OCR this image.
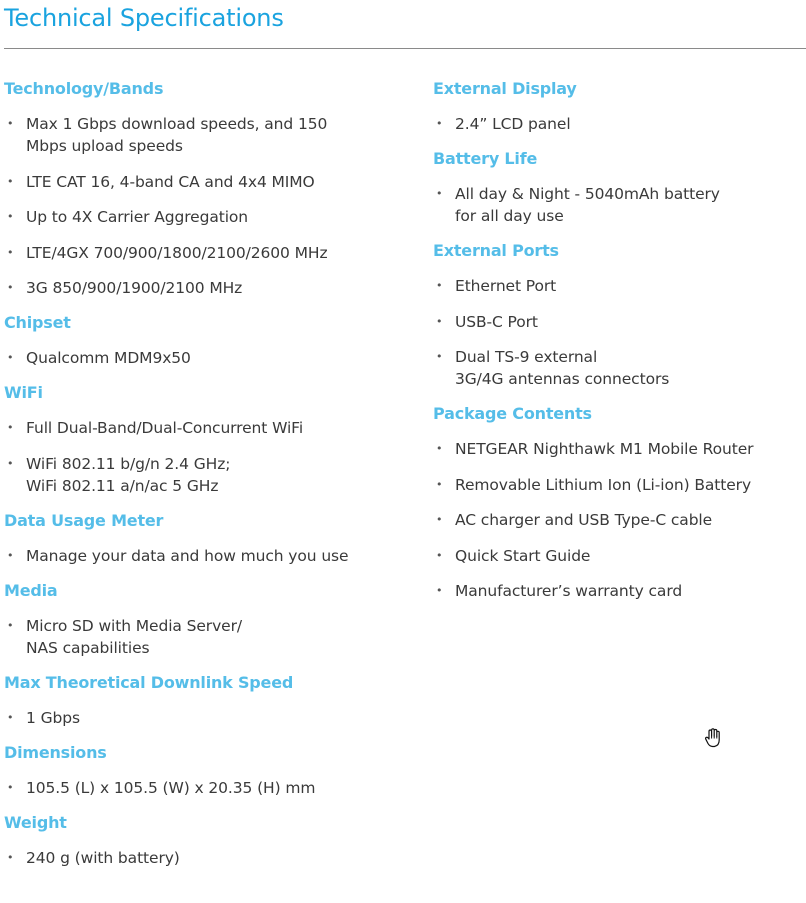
Technical Specifications
Technology/Bands
• Max 1 Gbps download speeds, and 150
Mbps upload speeds
• LTE CAT 16, 4-band CA and 4x4 MIMO
• Up to 4X Carrier Aggregation
• LTE/4GX 700/900/1800/2100/2600 MHz
• 3G 850/900/1900/2100 MHz
Chipset
• Qualcomm MDM9x50
WiFi
• Full Dual-Band/Dual-Concurrent WiFi
• WiFi 802.11 b/g/n 2.4 GHz;
WiFi 802.11 a/n/ac 5 GHz
Data Usage Meter
• Manage your data and how much you use
Media
• Micro SD with Media Server/
NAS capabilities
Max Theoretical Downlink Speed
• 1 Gbps
Dimensions
• 105.5 (L) x 105.5 (W) x 20.35 (H) mm
Weight
• 240 g (with battery)
External Display
• 2.4” LCD panel
Battery Life
• All day & Night - 5040mAh battery
for all day use
External Ports
• Ethernet Port
• USB-C Port
• Dual TS-9 external
3G/4G antennas connectors
Package Contents
• NETGEAR Nighthawk M1 Mobile Router
• Removable Lithium Ion (Li-ion) Battery
• AC charger and USB Type-C cable
• Quick Start Guide
• Manufacturer’s warranty card
